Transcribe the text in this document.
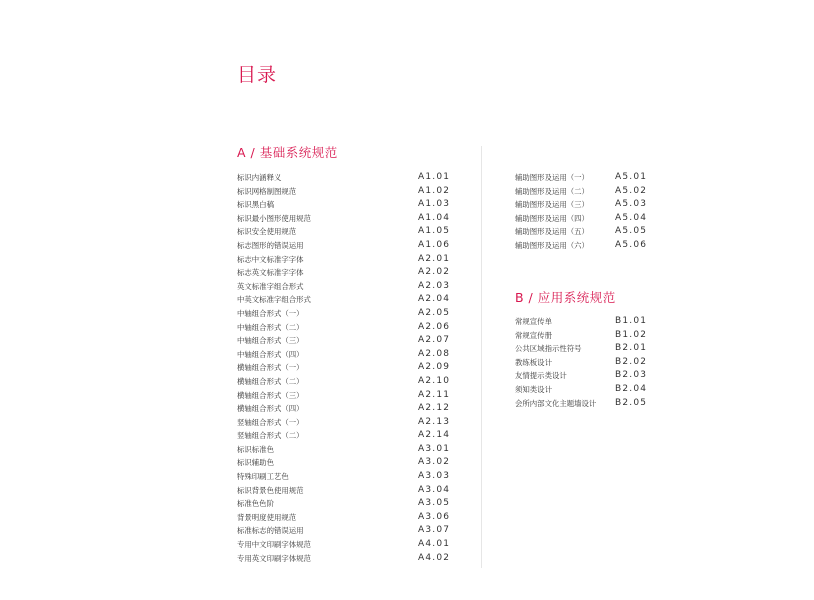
目录
A / 基础系统规范
标识内涵释义	A1.01
标识网格制图规范	A1.02
标识黑白稿	A1.03
标识最小图形使用规范	A1.04
标识安全使用规范	A1.05
标志图形的错误运用	A1.06
标志中文标准字字体	A2.01
标志英文标准字字体	A2.02
英文标准字组合形式	A2.03
中英文标准字组合形式	A2.04
中轴组合形式（一）	A2.05
中轴组合形式（二）	A2.06
中轴组合形式（三）	A2.07
中轴组合形式（四）	A2.08
横轴组合形式（一）	A2.09
横轴组合形式（二）	A2.10
横轴组合形式（三）	A2.11
横轴组合形式（四）	A2.12
竖轴组合形式（一）	A2.13
竖轴组合形式（二）	A2.14
标识标准色	A3.01
标识辅助色	A3.02
特殊印刷工艺色	A3.03
标识背景色使用规范	A3.04
标准色色阶	A3.05
背景明度使用规范	A3.06
标准标志的错误运用	A3.07
专用中文印刷字体规范	A4.01
专用英文印刷字体规范	A4.02
辅助图形及运用（一）	A5.01
辅助图形及运用（二）	A5.02
辅助图形及运用（三）	A5.03
辅助图形及运用（四）	A5.04
辅助图形及运用（五）	A5.05
辅助图形及运用（六）	A5.06
B / 应用系统规范
常规宣传单	B1.01
常规宣传册	B1.02
公共区域指示性符号	B2.01
教练板设计	B2.02
友情提示类设计	B2.03
须知类设计	B2.04
会所内部文化主题墙设计 B2.05
